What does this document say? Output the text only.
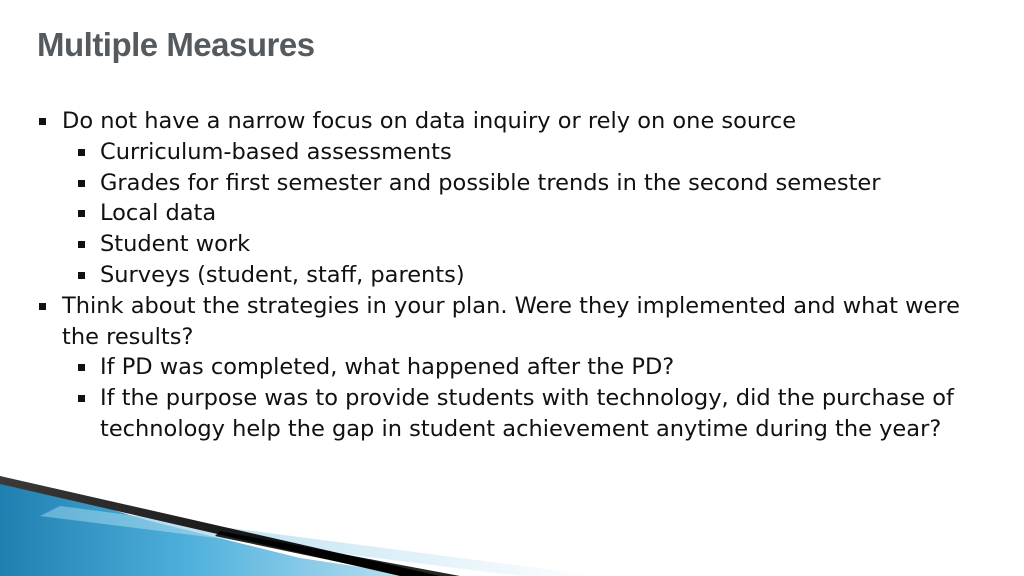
Multiple Measures
Do not have a narrow focus on data inquiry or rely on one source
Curriculum-based assessments
Grades for first semester and possible trends in the second semester
Local data
Student work
Surveys (student, staff, parents)
Think about the strategies in your plan. Were they implemented and what were the results?
If PD was completed, what happened after the PD?
If the purpose was to provide students with technology, did the purchase of technology help the gap in student achievement anytime during the year?
